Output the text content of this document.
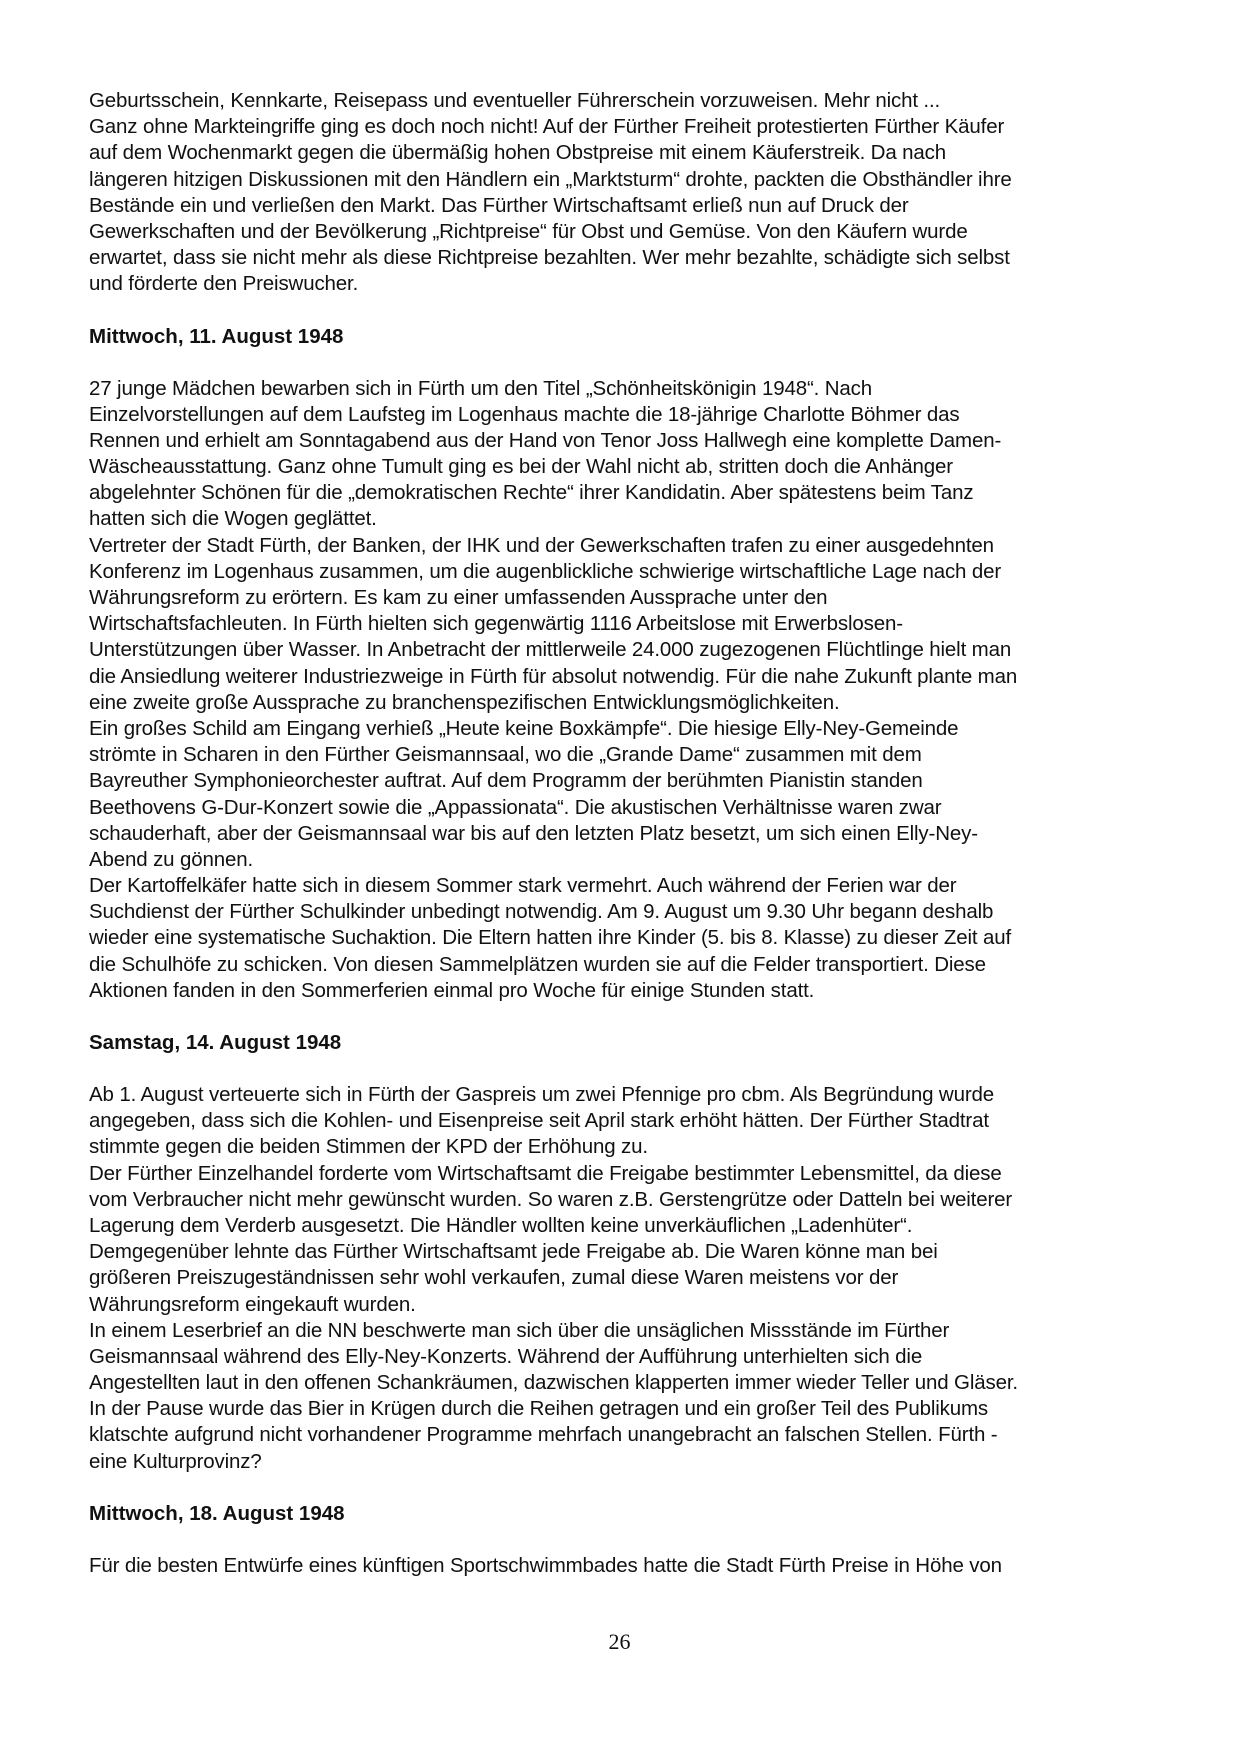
Geburtsschein, Kennkarte, Reisepass und eventueller Führerschein vorzuweisen. Mehr nicht ...
Ganz ohne Markteingriffe ging es doch noch nicht! Auf der Fürther Freiheit protestierten Fürther Käufer
auf dem Wochenmarkt gegen die übermäßig hohen Obstpreise mit einem Käuferstreik. Da nach
längeren hitzigen Diskussionen mit den Händlern ein „Marktsturm“ drohte, packten die Obsthändler ihre
Bestände ein und verließen den Markt. Das Fürther Wirtschaftsamt erließ nun auf Druck der
Gewerkschaften und der Bevölkerung „Richtpreise“ für Obst und Gemüse. Von den Käufern wurde
erwartet, dass sie nicht mehr als diese Richtpreise bezahlten. Wer mehr bezahlte, schädigte sich selbst
und förderte den Preiswucher.
Mittwoch, 11. August 1948
27 junge Mädchen bewarben sich in Fürth um den Titel „Schönheitskönigin 1948“. Nach
Einzelvorstellungen auf dem Laufsteg im Logenhaus machte die 18-jährige Charlotte Böhmer das
Rennen und erhielt am Sonntagabend aus der Hand von Tenor Joss Hallwegh eine komplette Damen-
Wäscheausstattung. Ganz ohne Tumult ging es bei der Wahl nicht ab, stritten doch die Anhänger
abgelehnter Schönen für die „demokratischen Rechte“ ihrer Kandidatin. Aber spätestens beim Tanz
hatten sich die Wogen geglättet.
Vertreter der Stadt Fürth, der Banken, der IHK und der Gewerkschaften trafen zu einer ausgedehnten
Konferenz im Logenhaus zusammen, um die augenblickliche schwierige wirtschaftliche Lage nach der
Währungsreform zu erörtern. Es kam zu einer umfassenden Aussprache unter den
Wirtschaftsfachleuten. In Fürth hielten sich gegenwärtig 1116 Arbeitslose mit Erwerbslosen-
Unterstützungen über Wasser. In Anbetracht der mittlerweile 24.000 zugezogenen Flüchtlinge hielt man
die Ansiedlung weiterer Industriezweige in Fürth für absolut notwendig. Für die nahe Zukunft plante man
eine zweite große Aussprache zu branchenspezifischen Entwicklungsmöglichkeiten.
Ein großes Schild am Eingang verhieß „Heute keine Boxkämpfe“. Die hiesige Elly-Ney-Gemeinde
strömte in Scharen in den Fürther Geismannsaal, wo die „Grande Dame“ zusammen mit dem
Bayreuther Symphonieorchester auftrat. Auf dem Programm der berühmten Pianistin standen
Beethovens G-Dur-Konzert sowie die „Appassionata“. Die akustischen Verhältnisse waren zwar
schauderhaft, aber der Geismannsaal war bis auf den letzten Platz besetzt, um sich einen Elly-Ney-
Abend zu gönnen.
Der Kartoffelkäfer hatte sich in diesem Sommer stark vermehrt. Auch während der Ferien war der
Suchdienst der Fürther Schulkinder unbedingt notwendig. Am 9. August um 9.30 Uhr begann deshalb
wieder eine systematische Suchaktion. Die Eltern hatten ihre Kinder (5. bis 8. Klasse) zu dieser Zeit auf
die Schulhöfe zu schicken. Von diesen Sammelplätzen wurden sie auf die Felder transportiert. Diese
Aktionen fanden in den Sommerferien einmal pro Woche für einige Stunden statt.
Samstag, 14. August 1948
Ab 1. August verteuerte sich in Fürth der Gaspreis um zwei Pfennige pro cbm. Als Begründung wurde
angegeben, dass sich die Kohlen- und Eisenpreise seit April stark erhöht hätten. Der Fürther Stadtrat
stimmte gegen die beiden Stimmen der KPD der Erhöhung zu.
Der Fürther Einzelhandel forderte vom Wirtschaftsamt die Freigabe bestimmter Lebensmittel, da diese
vom Verbraucher nicht mehr gewünscht wurden. So waren z.B. Gerstengrütze oder Datteln bei weiterer
Lagerung dem Verderb ausgesetzt. Die Händler wollten keine unverkäuflichen „Ladenhüter“.
Demgegenüber lehnte das Fürther Wirtschaftsamt jede Freigabe ab. Die Waren könne man bei
größeren Preiszugeständnissen sehr wohl verkaufen, zumal diese Waren meistens vor der
Währungsreform eingekauft wurden.
In einem Leserbrief an die NN beschwerte man sich über die unsäglichen Missstände im Fürther
Geismannsaal während des Elly-Ney-Konzerts. Während der Aufführung unterhielten sich die
Angestellten laut in den offenen Schankräumen, dazwischen klapperten immer wieder Teller und Gläser.
In der Pause wurde das Bier in Krügen durch die Reihen getragen und ein großer Teil des Publikums
klatschte aufgrund nicht vorhandener Programme mehrfach unangebracht an falschen Stellen. Fürth -
eine Kulturprovinz?
Mittwoch, 18. August 1948
Für die besten Entwürfe eines künftigen Sportschwimmbades hatte die Stadt Fürth Preise in Höhe von
26
